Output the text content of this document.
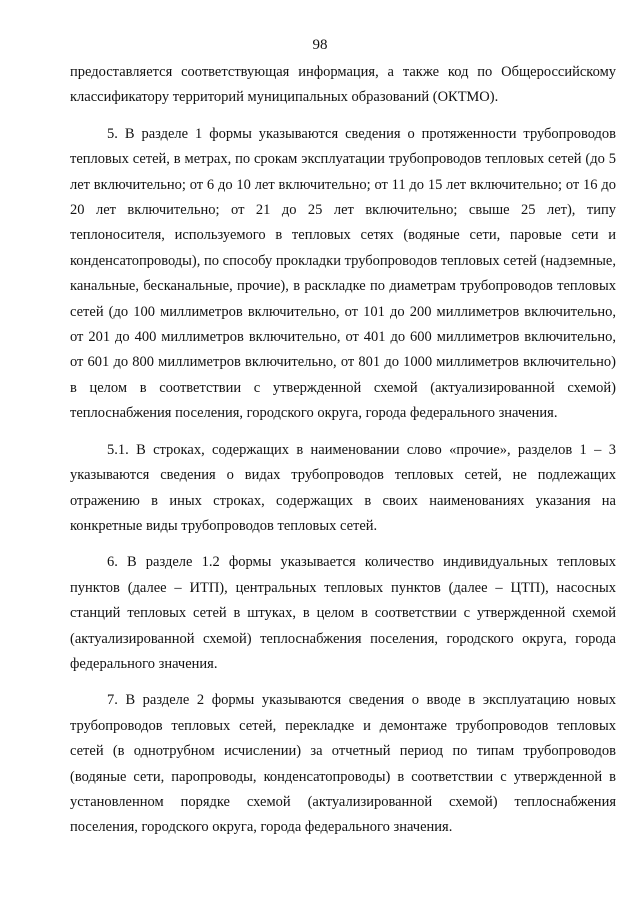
98

предоставляется соответствующая информация, а также код по Общероссийскому классификатору территорий муниципальных образований (ОКТМО).

5. В разделе 1 формы указываются сведения о протяженности трубопроводов тепловых сетей, в метрах, по срокам эксплуатации трубопроводов тепловых сетей (до 5 лет включительно; от 6 до 10 лет включительно; от 11 до 15 лет включительно; от 16 до 20 лет включительно; от 21 до 25 лет включительно; свыше 25 лет), типу теплоносителя, используемого в тепловых сетях (водяные сети, паровые сети и конденсатопроводы), по способу прокладки трубопроводов тепловых сетей (надземные, канальные, бесканальные, прочие), в раскладке по диаметрам трубопроводов тепловых сетей (до 100 миллиметров включительно, от 101 до 200 миллиметров включительно, от 201 до 400 миллиметров включительно, от 401 до 600 миллиметров включительно, от 601 до 800 миллиметров включительно, от 801 до 1000 миллиметров включительно) в целом в соответствии с утвержденной схемой (актуализированной схемой) теплоснабжения поселения, городского округа, города федерального значения.

5.1. В строках, содержащих в наименовании слово «прочие», разделов 1 – 3 указываются сведения о видах трубопроводов тепловых сетей, не подлежащих отражению в иных строках, содержащих в своих наименованиях указания на конкретные виды трубопроводов тепловых сетей.

6. В разделе 1.2 формы указывается количество индивидуальных тепловых пунктов (далее – ИТП), центральных тепловых пунктов (далее – ЦТП), насосных станций тепловых сетей в штуках, в целом в соответствии с утвержденной схемой (актуализированной схемой) теплоснабжения поселения, городского округа, города федерального значения.

7. В разделе 2 формы указываются сведения о вводе в эксплуатацию новых трубопроводов тепловых сетей, перекладке и демонтаже трубопроводов тепловых сетей (в однотрубном исчислении) за отчетный период по типам трубопроводов (водяные сети, паропроводы, конденсатопроводы) в соответствии с утвержденной в установленном порядке схемой (актуализированной схемой) теплоснабжения поселения, городского округа, города федерального значения.
